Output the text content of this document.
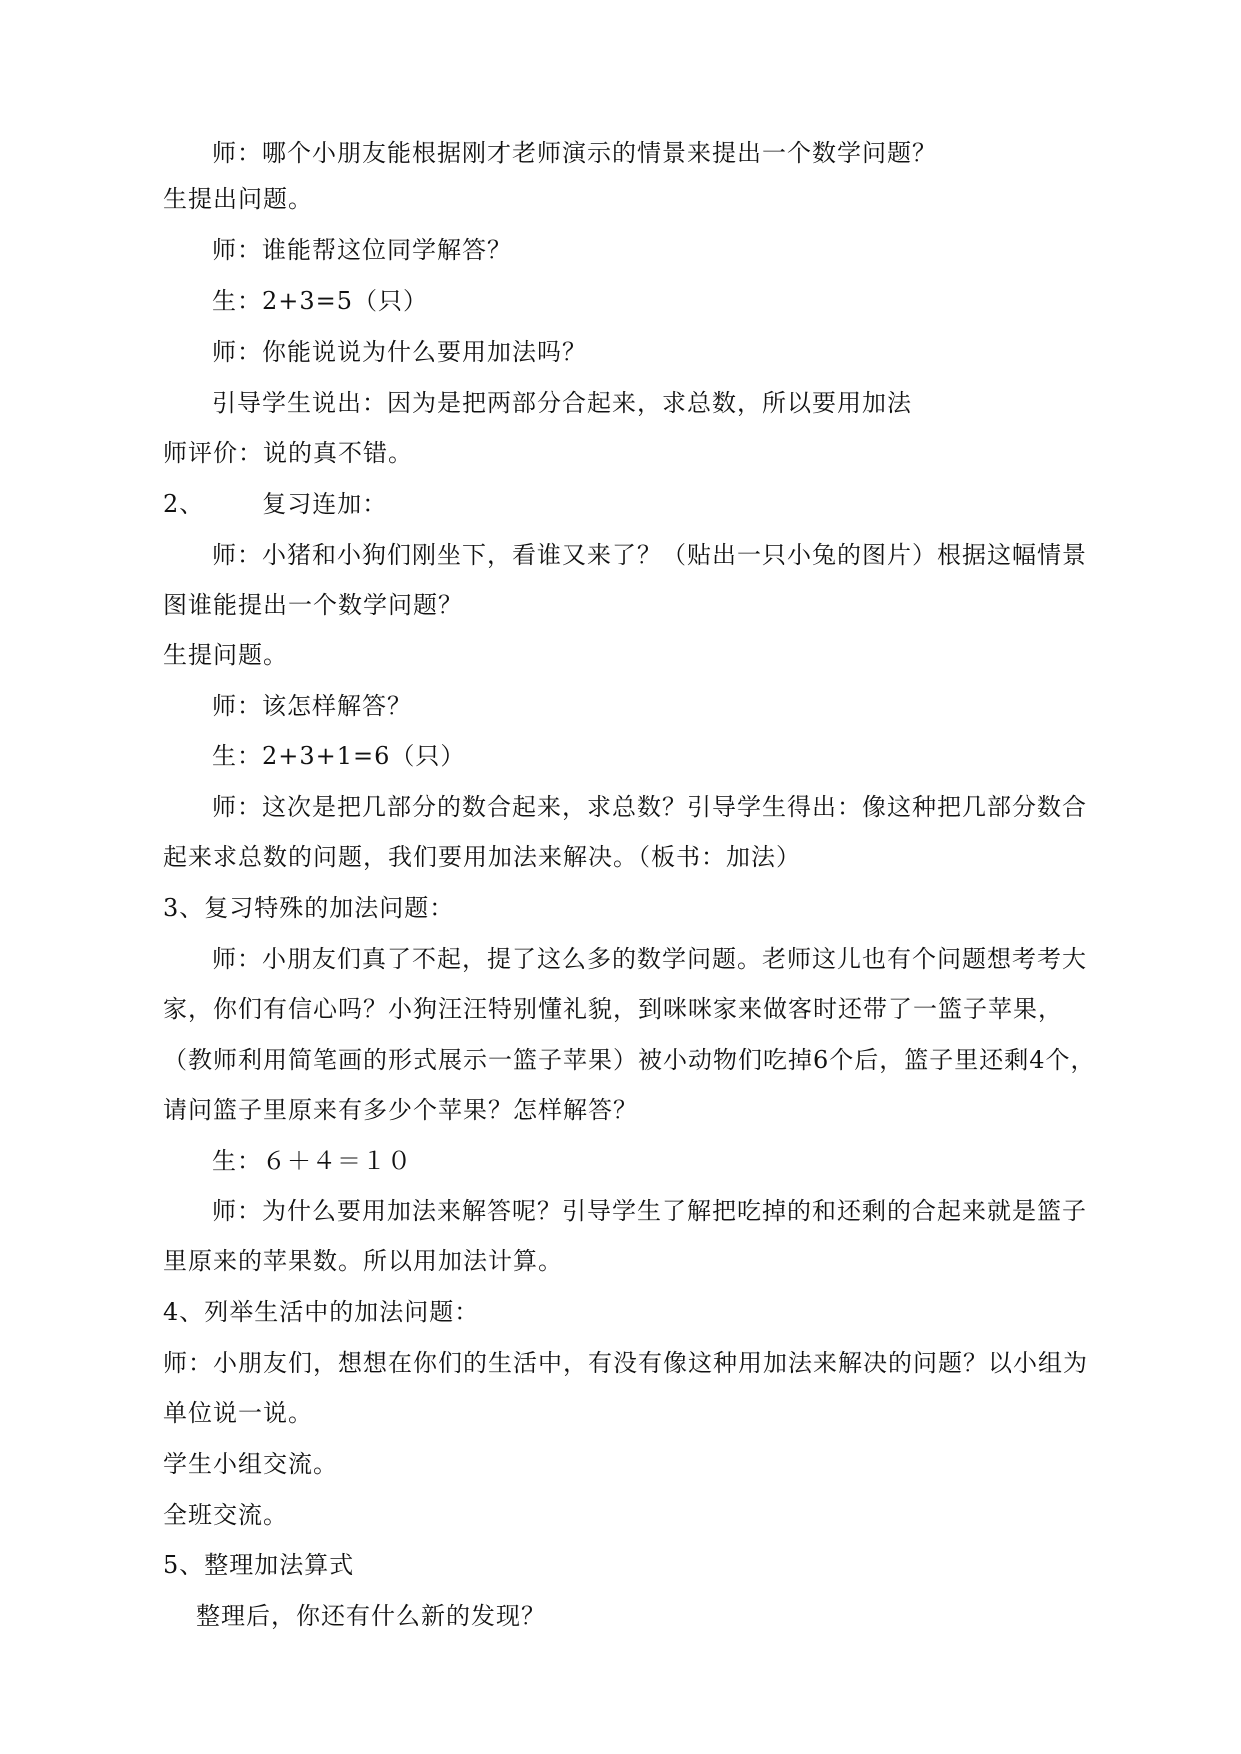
师：哪个小朋友能根据刚才老师演示的情景来提出一个数学问题？
生提出问题。
师：谁能帮这位同学解答？
生：2+3=5（只）
师：你能说说为什么要用加法吗？
引导学生说出：因为是把两部分合起来，求总数，所以要用加法
师评价：说的真不错。
2、 复习连加：
师：小猪和小狗们刚坐下，看谁又来了？（贴出一只小兔的图片）根据这幅情景
图谁能提出一个数学问题？
生提问题。
师：该怎样解答？
生：2+3+1=6（只）
师：这次是把几部分的数合起来，求总数？引导学生得出：像这种把几部分数合
起来求总数的问题，我们要用加法来解决。（板书：加法）
3、复习特殊的加法问题：
师：小朋友们真了不起，提了这么多的数学问题。老师这儿也有个问题想考考大
家，你们有信心吗？小狗汪汪特别懂礼貌，到咪咪家来做客时还带了一篮子苹果，
（教师利用简笔画的形式展示一篮子苹果）被小动物们吃掉6个后，篮子里还剩4个，
请问篮子里原来有多少个苹果？怎样解答？
生：６＋４＝１０
师：为什么要用加法来解答呢？引导学生了解把吃掉的和还剩的合起来就是篮子
里原来的苹果数。所以用加法计算。
4、列举生活中的加法问题：
师：小朋友们，想想在你们的生活中，有没有像这种用加法来解决的问题？以小组为
单位说一说。
学生小组交流。
全班交流。
5、整理加法算式
整理后，你还有什么新的发现？
